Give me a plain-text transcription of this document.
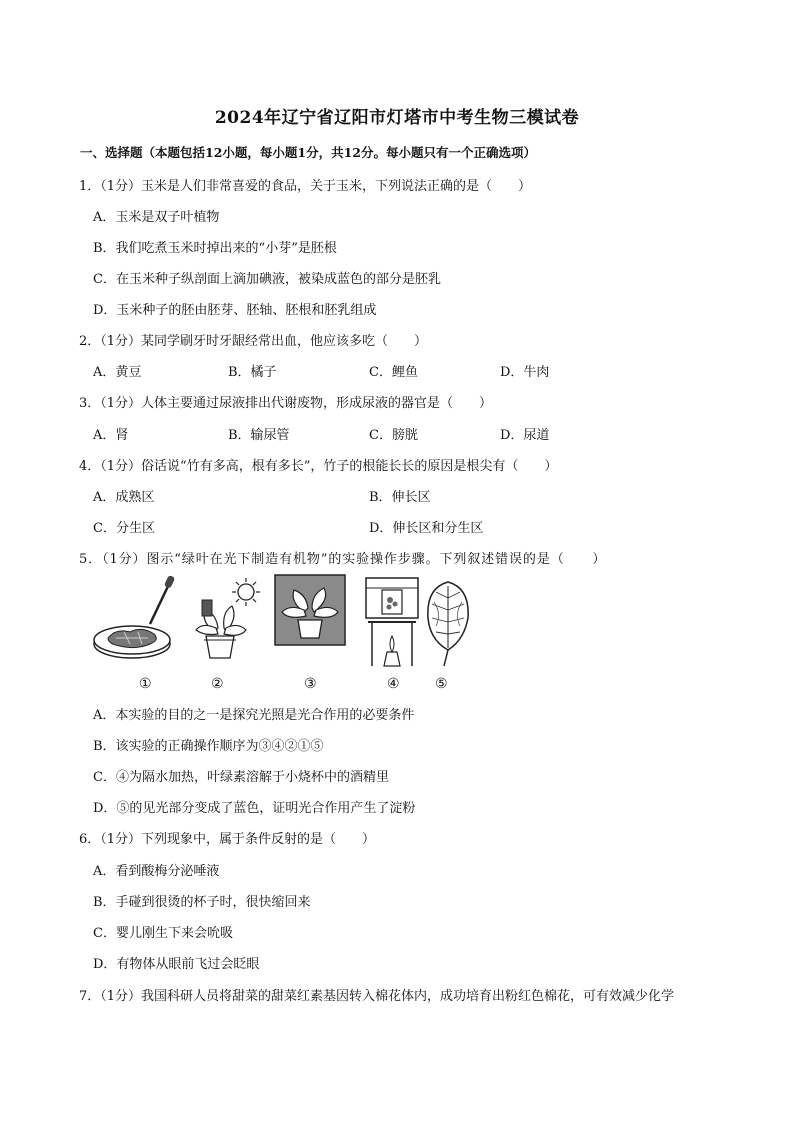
2024年辽宁省辽阳市灯塔市中考生物三模试卷
一、选择题（本题包括12小题，每小题1分，共12分。每小题只有一个正确选项）
1．（1分）玉米是人们非常喜爱的食品，关于玉米，下列说法正确的是（　　）
A．玉米是双子叶植物
B．我们吃煮玉米时掉出来的“小芽”是胚根
C．在玉米种子纵剖面上滴加碘液，被染成蓝色的部分是胚乳
D．玉米种子的胚由胚芽、胚轴、胚根和胚乳组成
2．（1分）某同学刷牙时牙龈经常出血，他应该多吃（　　）
A．黄豆	B．橘子	C．鲤鱼	D．牛肉
3．（1分）人体主要通过尿液排出代谢废物，形成尿液的器官是（　　）
A．肾	B．输尿管	C．膀胱	D．尿道
4．（1分）俗话说“竹有多高，根有多长”，竹子的根能长长的原因是根尖有（　　）
A．成熟区	B．伸长区
C．分生区	D．伸长区和分生区
5．（1分）图示“绿叶在光下制造有机物”的实验操作步骤。下列叙述错误的是（　　）
①	②	③	④	⑤
A．本实验的目的之一是探究光照是光合作用的必要条件
B．该实验的正确操作顺序为③④②①⑤
C．④为隔水加热，叶绿素溶解于小烧杯中的酒精里
D．⑤的见光部分变成了蓝色，证明光合作用产生了淀粉
6．（1分）下列现象中，属于条件反射的是（　　）
A．看到酸梅分泌唾液
B．手碰到很烫的杯子时，很快缩回来
C．婴儿刚生下来会吮吸
D．有物体从眼前飞过会眨眼
7．（1分）我国科研人员将甜菜的甜菜红素基因转入棉花体内，成功培育出粉红色棉花，可有效减少化学
